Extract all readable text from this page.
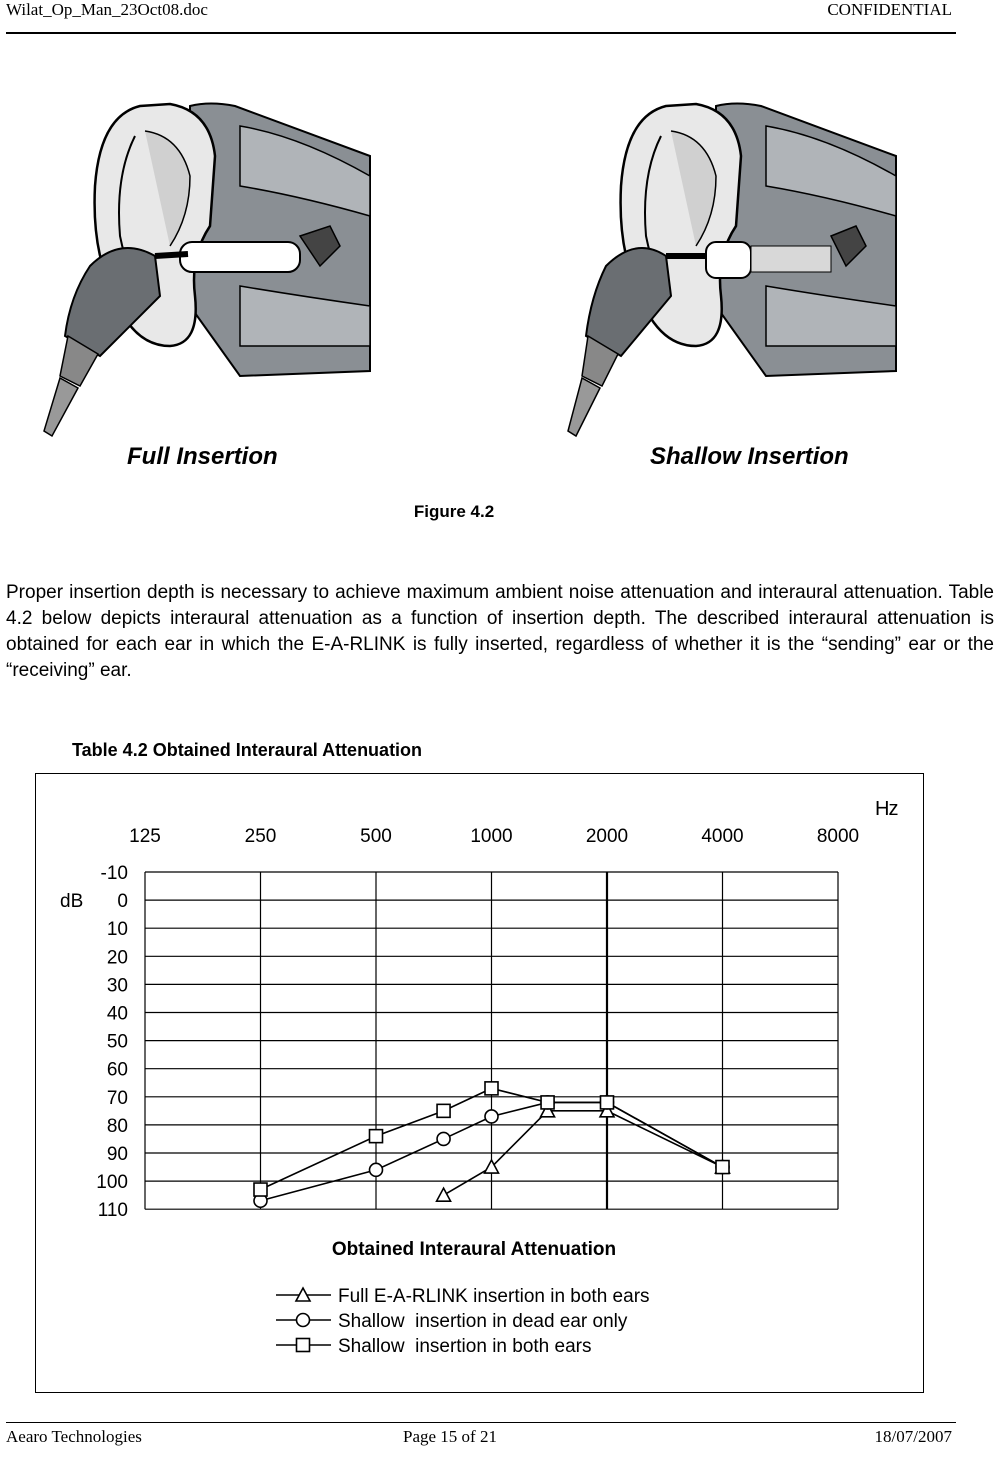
Wilat_Op_Man_23Oct08.doc	CONFIDENTIAL
Full Insertion	Shallow Insertion
Figure 4.2
Proper insertion depth is necessary to achieve maximum ambient noise attenuation and interaural attenuation. Table 4.2 below depicts interaural attenuation as a function of insertion depth. The described interaural attenuation is obtained for each ear in which the E-A-RLINK is fully inserted, regardless of whether it is the “sending” ear or the “receiving” ear.
Table 4.2 Obtained Interaural Attenuation
Hz
dB
125	250	500	1000	2000	4000	8000
-10
0
10
20
30
40
50
60
70
80
90
100
110
Obtained Interaural Attenuation
Full E-A-RLINK insertion in both ears
Shallow  insertion in dead ear only
Shallow  insertion in both ears
Aearo Technologies	Page 15 of 21	18/07/2007
